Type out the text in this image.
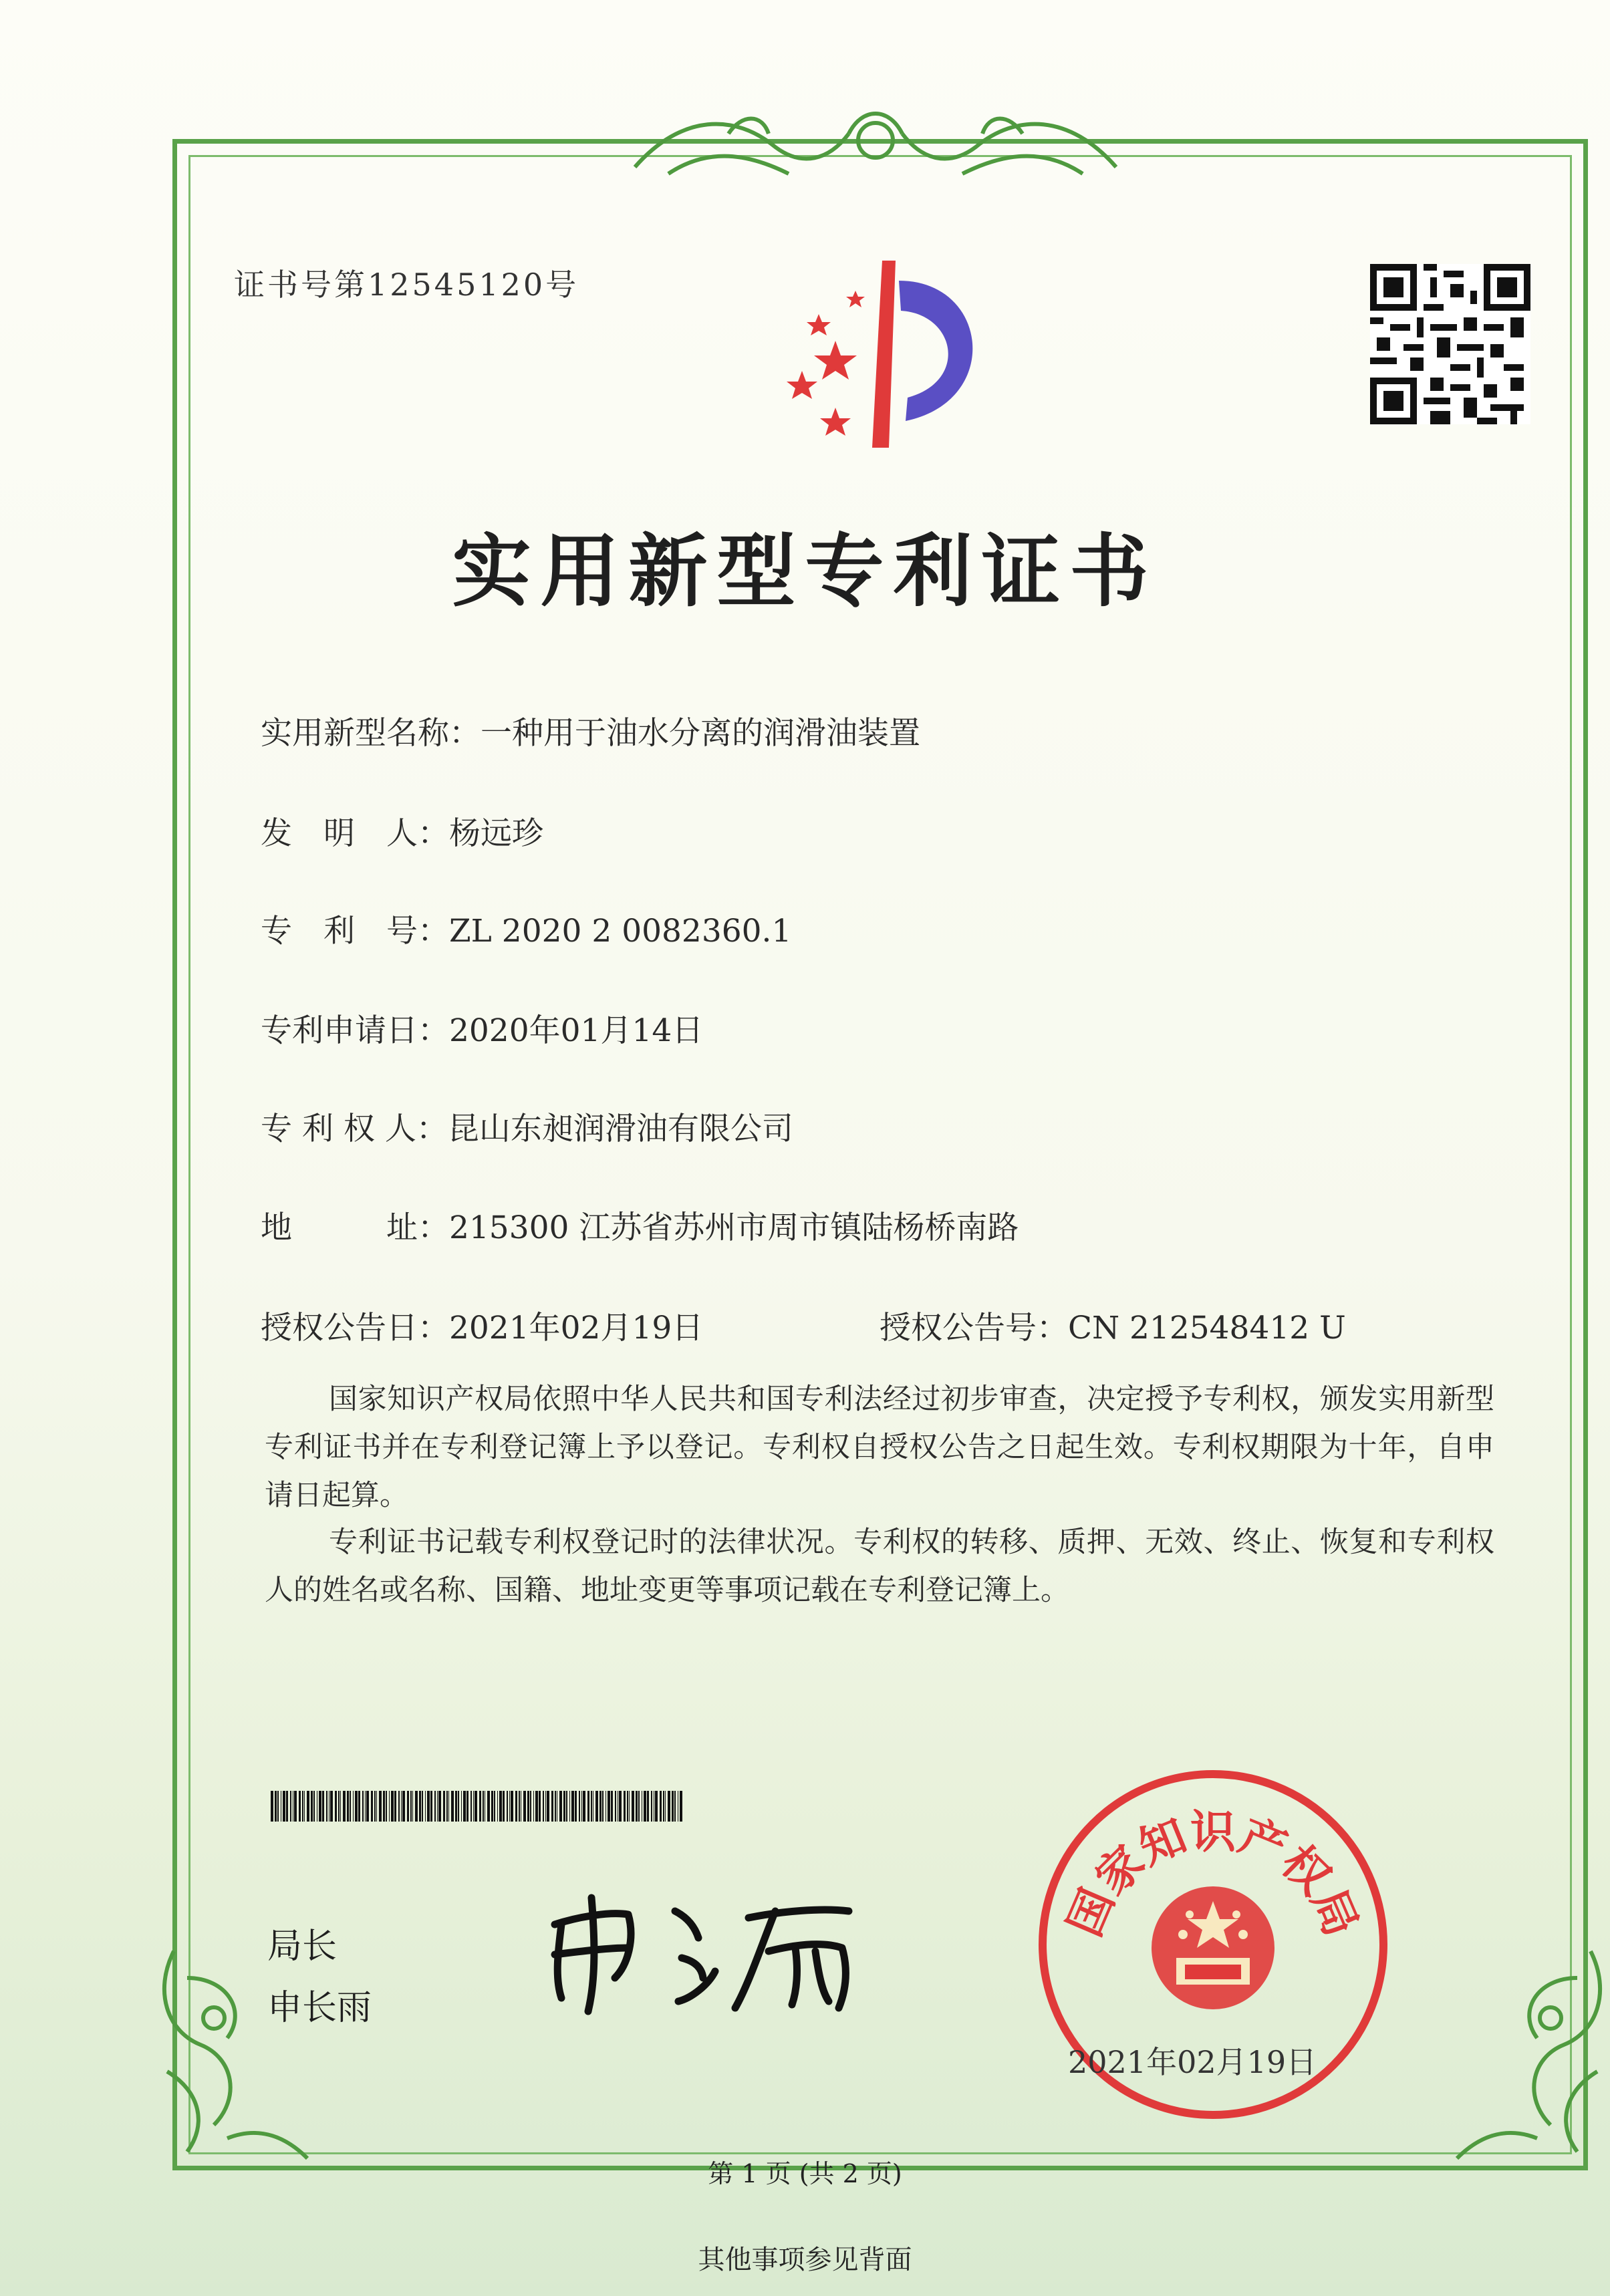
证书号第12545120号
实用新型专利证书
实用新型名称：一种用于油水分离的润滑油装置
发　明　人：杨远珍
专　利　号：ZL 2020 2 0082360.1
专利申请日：2020年01月14日
专 利 权 人：昆山东昶润滑油有限公司
地　　　址：215300 江苏省苏州市周市镇陆杨桥南路
授权公告日：2021年02月19日	授权公告号：CN 212548412 U
国家知识产权局依照中华人民共和国专利法经过初步审查，决定授予专利权，颁发实用新型专利证书并在专利登记簿上予以登记。专利权自授权公告之日起生效。专利权期限为十年，自申请日起算。
专利证书记载专利权登记时的法律状况。专利权的转移、质押、无效、终止、恢复和专利权人的姓名或名称、国籍、地址变更等事项记载在专利登记簿上。
局长
申长雨
国家知识产权局
2021年02月19日
第 1 页 (共 2 页)
其他事项参见背面
